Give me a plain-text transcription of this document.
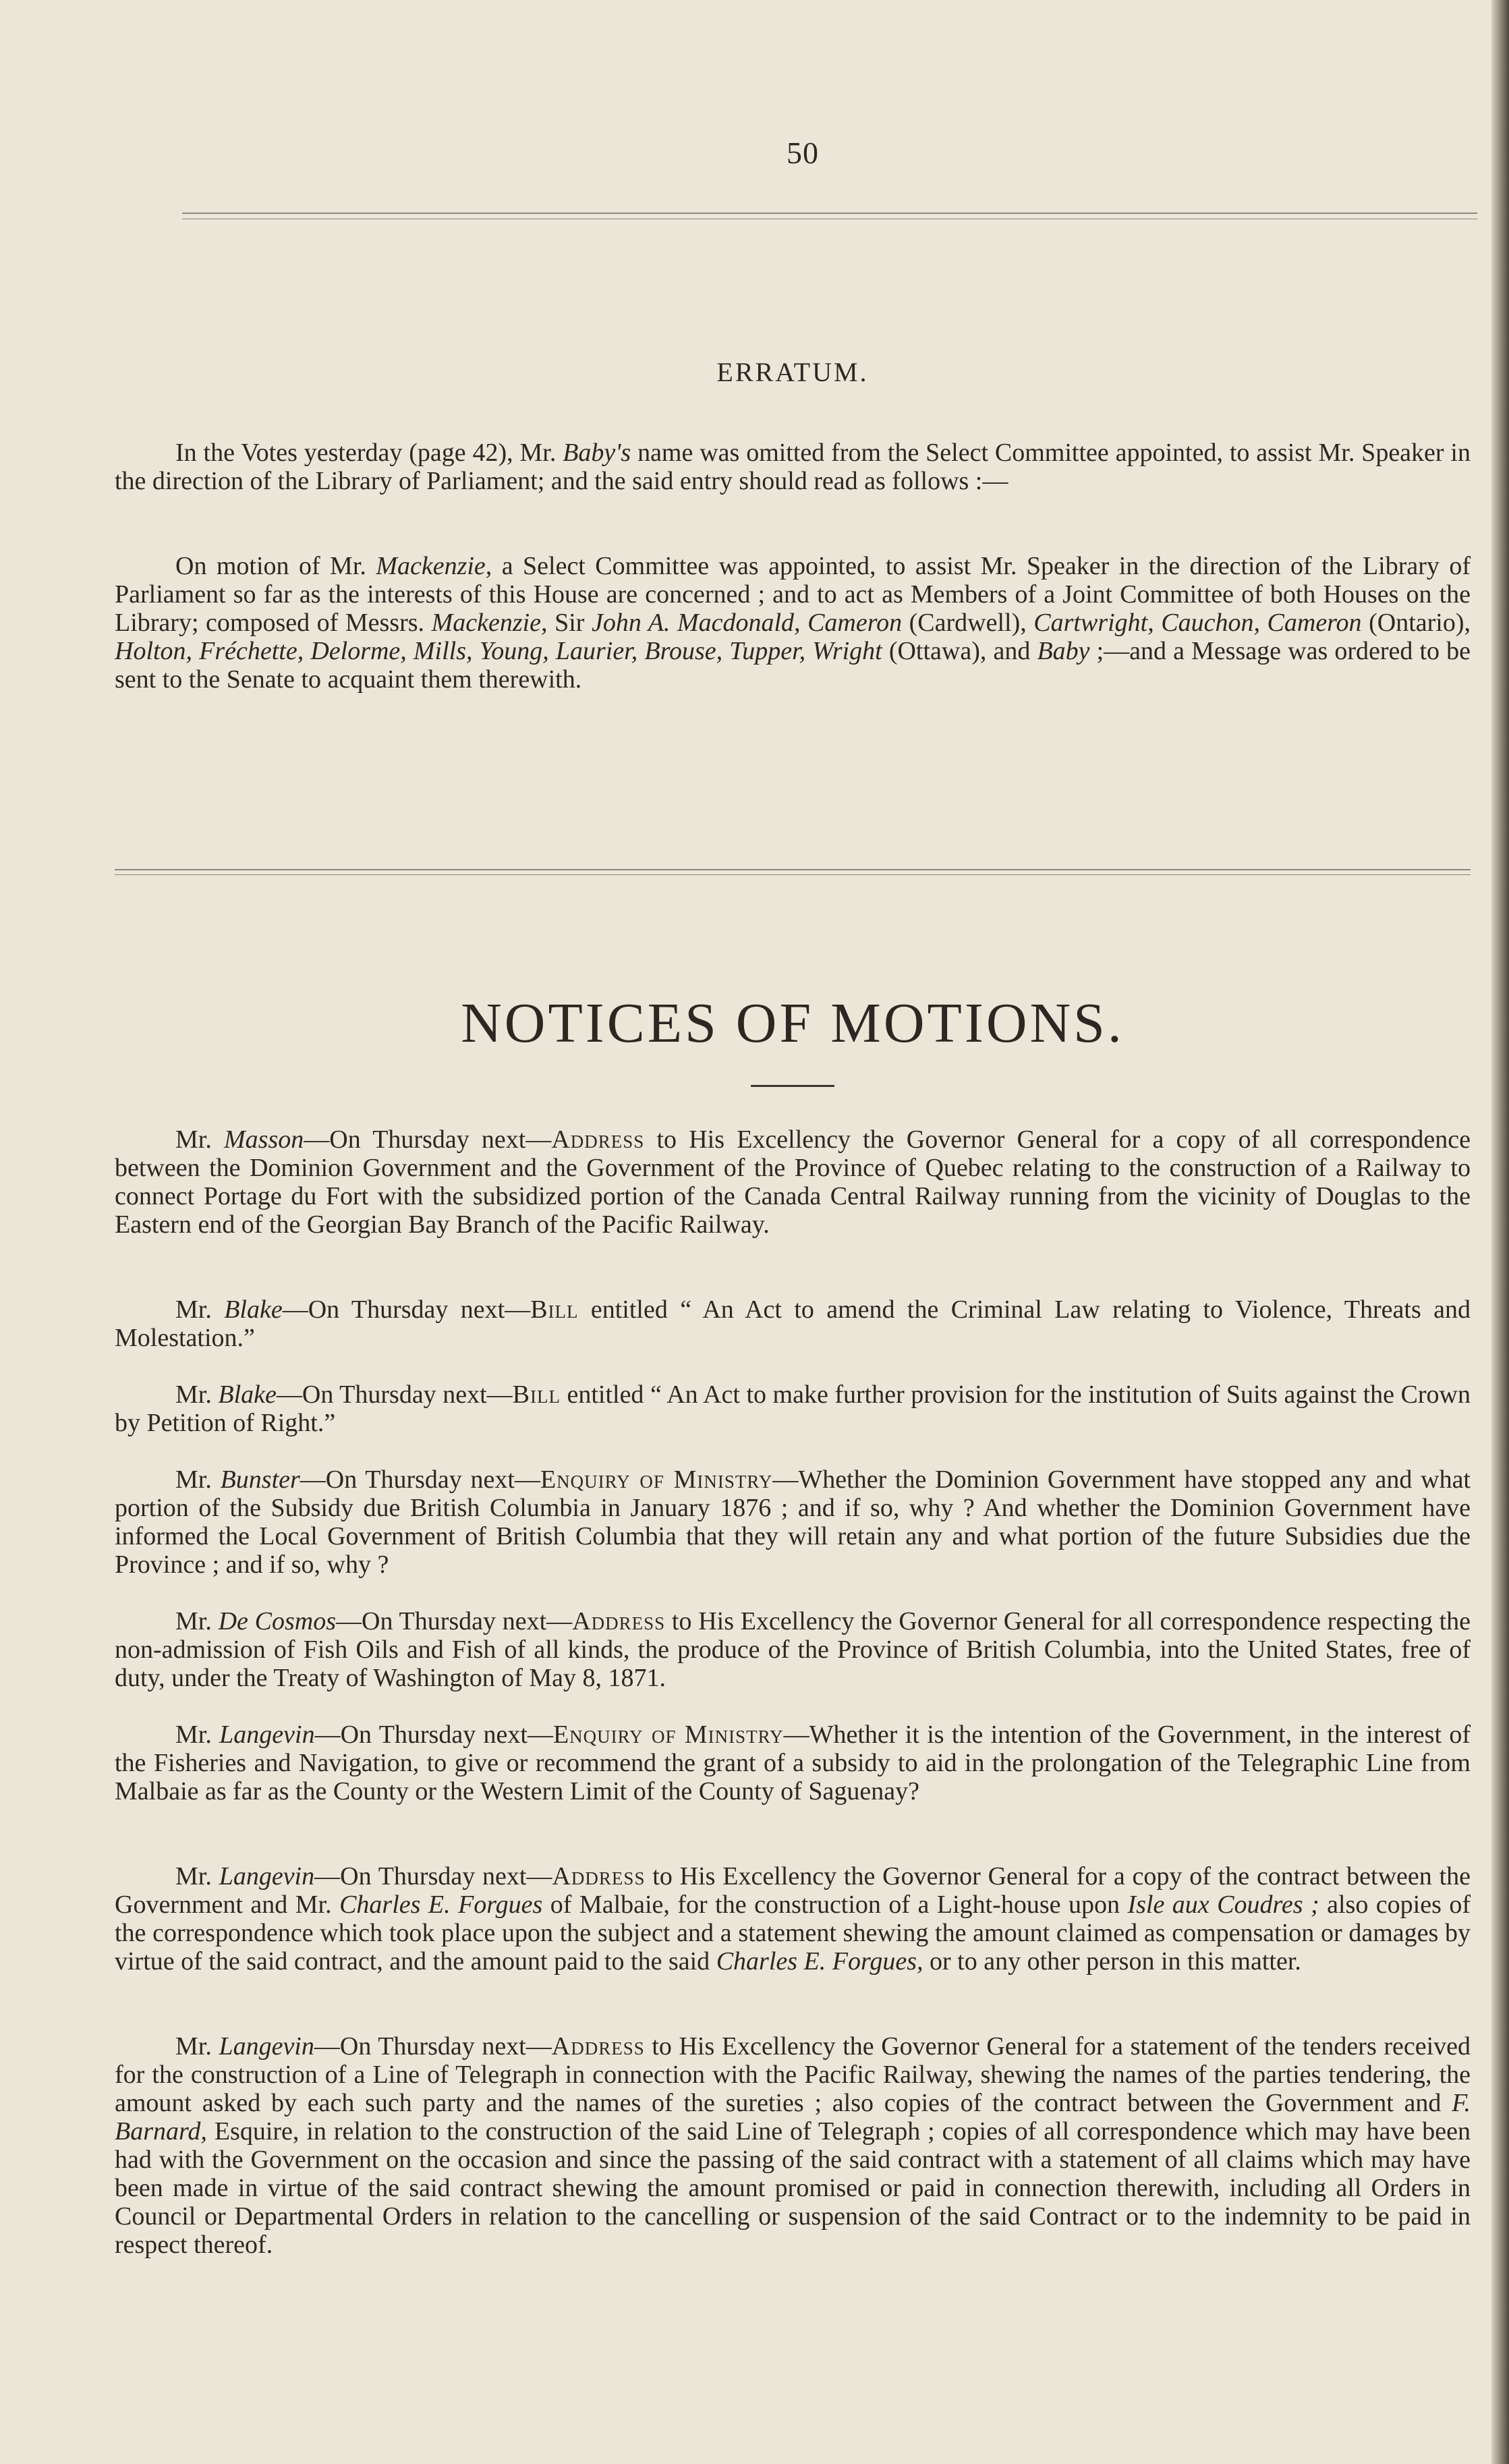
50
ERRATUM.

In the Votes yesterday (page 42), Mr. Baby's name was omitted from the Select Committee appointed, to assist Mr. Speaker in the direction of the Library of Parliament; and the said entry should read as follows :—

On motion of Mr. Mackenzie, a Select Committee was appointed, to assist Mr. Speaker in the direction of the Library of Parliament so far as the interests of this House are concerned ; and to act as Members of a Joint Committee of both Houses on the Library; composed of Messrs. Mackenzie, Sir John A. Macdonald, Cameron (Cardwell), Cartwright, Cauchon, Cameron (Ontario), Holton, Fréchette, Delorme, Mills, Young, Laurier, Brouse, Tupper, Wright (Ottawa), and Baby ;—and a Message was ordered to be sent to the Senate to acquaint them therewith.

NOTICES OF MOTIONS.

Mr. Masson—On Thursday next—Address to His Excellency the Governor General for a copy of all correspondence between the Dominion Government and the Government of the Province of Quebec relating to the construction of a Railway to connect Portage du Fort with the subsidized portion of the Canada Central Railway running from the vicinity of Douglas to the Eastern end of the Georgian Bay Branch of the Pacific Railway.

Mr. Blake—On Thursday next—Bill entitled “ An Act to amend the Criminal Law relating to Violence, Threats and Molestation.”

Mr. Blake—On Thursday next—Bill entitled “ An Act to make further provision for the institution of Suits against the Crown by Petition of Right.”

Mr. Bunster—On Thursday next—Enquiry of Ministry—Whether the Dominion Government have stopped any and what portion of the Subsidy due British Columbia in January 1876 ; and if so, why ? And whether the Dominion Government have informed the Local Government of British Columbia that they will retain any and what portion of the future Subsidies due the Province ; and if so, why ?

Mr. De Cosmos—On Thursday next—Address to His Excellency the Governor General for all correspondence respecting the non-admission of Fish Oils and Fish of all kinds, the produce of the Province of British Columbia, into the United States, free of duty, under the Treaty of Washington of May 8, 1871.

Mr. Langevin—On Thursday next—Enquiry of Ministry—Whether it is the intention of the Government, in the interest of the Fisheries and Navigation, to give or recommend the grant of a subsidy to aid in the prolongation of the Telegraphic Line from Malbaie as far as the County or the Western Limit of the County of Saguenay?

Mr. Langevin—On Thursday next—Address to His Excellency the Governor General for a copy of the contract between the Government and Mr. Charles E. Forgues of Malbaie, for the construction of a Light-house upon Isle aux Coudres ; also copies of the correspondence which took place upon the subject and a statement shewing the amount claimed as compensation or damages by virtue of the said contract, and the amount paid to the said Charles E. Forgues, or to any other person in this matter.

Mr. Langevin—On Thursday next—Address to His Excellency the Governor General for a statement of the tenders received for the construction of a Line of Telegraph in connection with the Pacific Railway, shewing the names of the parties tendering, the amount asked by each such party and the names of the sureties ; also copies of the contract between the Government and F. Barnard, Esquire, in relation to the construction of the said Line of Telegraph ; copies of all correspondence which may have been had with the Government on the occasion and since the passing of the said contract with a statement of all claims which may have been made in virtue of the said contract shewing the amount promised or paid in connection therewith, including all Orders in Council or Departmental Orders in relation to the cancelling or suspension of the said Contract or to the indemnity to be paid in respect thereof.
